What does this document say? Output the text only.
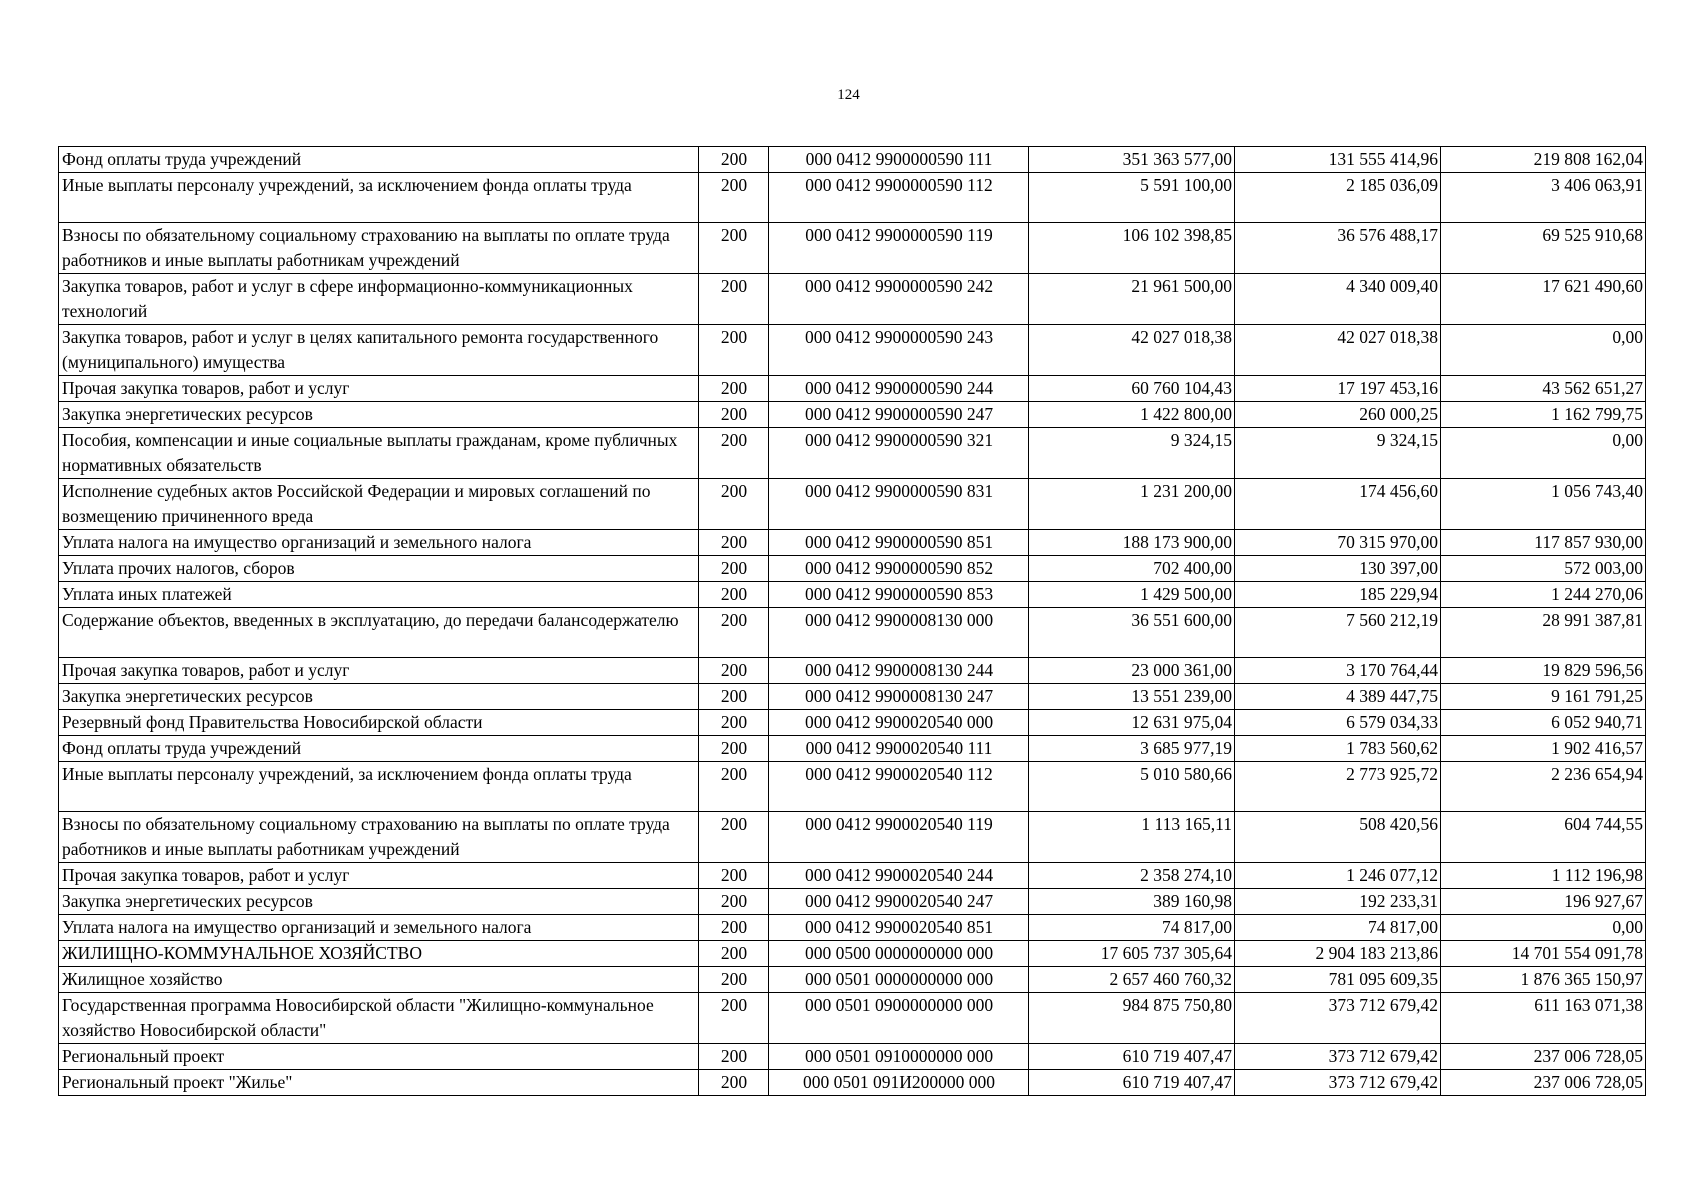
124
Фонд оплаты труда учреждений	200	000 0412 9900000590 111	351 363 577,00	131 555 414,96	219 808 162,04
Иные выплаты персоналу учреждений, за исключением фонда оплаты труда	200	000 0412 9900000590 112	5 591 100,00	2 185 036,09	3 406 063,91
Взносы по обязательному социальному страхованию на выплаты по оплате труда работников и иные выплаты работникам учреждений	200	000 0412 9900000590 119	106 102 398,85	36 576 488,17	69 525 910,68
Закупка товаров, работ и услуг в сфере информационно-коммуникационных технологий	200	000 0412 9900000590 242	21 961 500,00	4 340 009,40	17 621 490,60
Закупка товаров, работ и услуг в целях капитального ремонта государственного (муниципального) имущества	200	000 0412 9900000590 243	42 027 018,38	42 027 018,38	0,00
Прочая закупка товаров, работ и услуг	200	000 0412 9900000590 244	60 760 104,43	17 197 453,16	43 562 651,27
Закупка энергетических ресурсов	200	000 0412 9900000590 247	1 422 800,00	260 000,25	1 162 799,75
Пособия, компенсации и иные социальные выплаты гражданам, кроме публичных нормативных обязательств	200	000 0412 9900000590 321	9 324,15	9 324,15	0,00
Исполнение судебных актов Российской Федерации и мировых соглашений по возмещению причиненного вреда	200	000 0412 9900000590 831	1 231 200,00	174 456,60	1 056 743,40
Уплата налога на имущество организаций и земельного налога	200	000 0412 9900000590 851	188 173 900,00	70 315 970,00	117 857 930,00
Уплата прочих налогов, сборов	200	000 0412 9900000590 852	702 400,00	130 397,00	572 003,00
Уплата иных платежей	200	000 0412 9900000590 853	1 429 500,00	185 229,94	1 244 270,06
Содержание объектов, введенных в эксплуатацию, до передачи балансодержателю	200	000 0412 9900008130 000	36 551 600,00	7 560 212,19	28 991 387,81
Прочая закупка товаров, работ и услуг	200	000 0412 9900008130 244	23 000 361,00	3 170 764,44	19 829 596,56
Закупка энергетических ресурсов	200	000 0412 9900008130 247	13 551 239,00	4 389 447,75	9 161 791,25
Резервный фонд Правительства Новосибирской области	200	000 0412 9900020540 000	12 631 975,04	6 579 034,33	6 052 940,71
Фонд оплаты труда учреждений	200	000 0412 9900020540 111	3 685 977,19	1 783 560,62	1 902 416,57
Иные выплаты персоналу учреждений, за исключением фонда оплаты труда	200	000 0412 9900020540 112	5 010 580,66	2 773 925,72	2 236 654,94
Взносы по обязательному социальному страхованию на выплаты по оплате труда работников и иные выплаты работникам учреждений	200	000 0412 9900020540 119	1 113 165,11	508 420,56	604 744,55
Прочая закупка товаров, работ и услуг	200	000 0412 9900020540 244	2 358 274,10	1 246 077,12	1 112 196,98
Закупка энергетических ресурсов	200	000 0412 9900020540 247	389 160,98	192 233,31	196 927,67
Уплата налога на имущество организаций и земельного налога	200	000 0412 9900020540 851	74 817,00	74 817,00	0,00
ЖИЛИЩНО-КОММУНАЛЬНОЕ ХОЗЯЙСТВО	200	000 0500 0000000000 000	17 605 737 305,64	2 904 183 213,86	14 701 554 091,78
Жилищное хозяйство	200	000 0501 0000000000 000	2 657 460 760,32	781 095 609,35	1 876 365 150,97
Государственная программа Новосибирской области "Жилищно-коммунальное хозяйство Новосибирской области"	200	000 0501 0900000000 000	984 875 750,80	373 712 679,42	611 163 071,38
Региональный проект	200	000 0501 0910000000 000	610 719 407,47	373 712 679,42	237 006 728,05
Региональный проект "Жилье"	200	000 0501 091И200000 000	610 719 407,47	373 712 679,42	237 006 728,05
